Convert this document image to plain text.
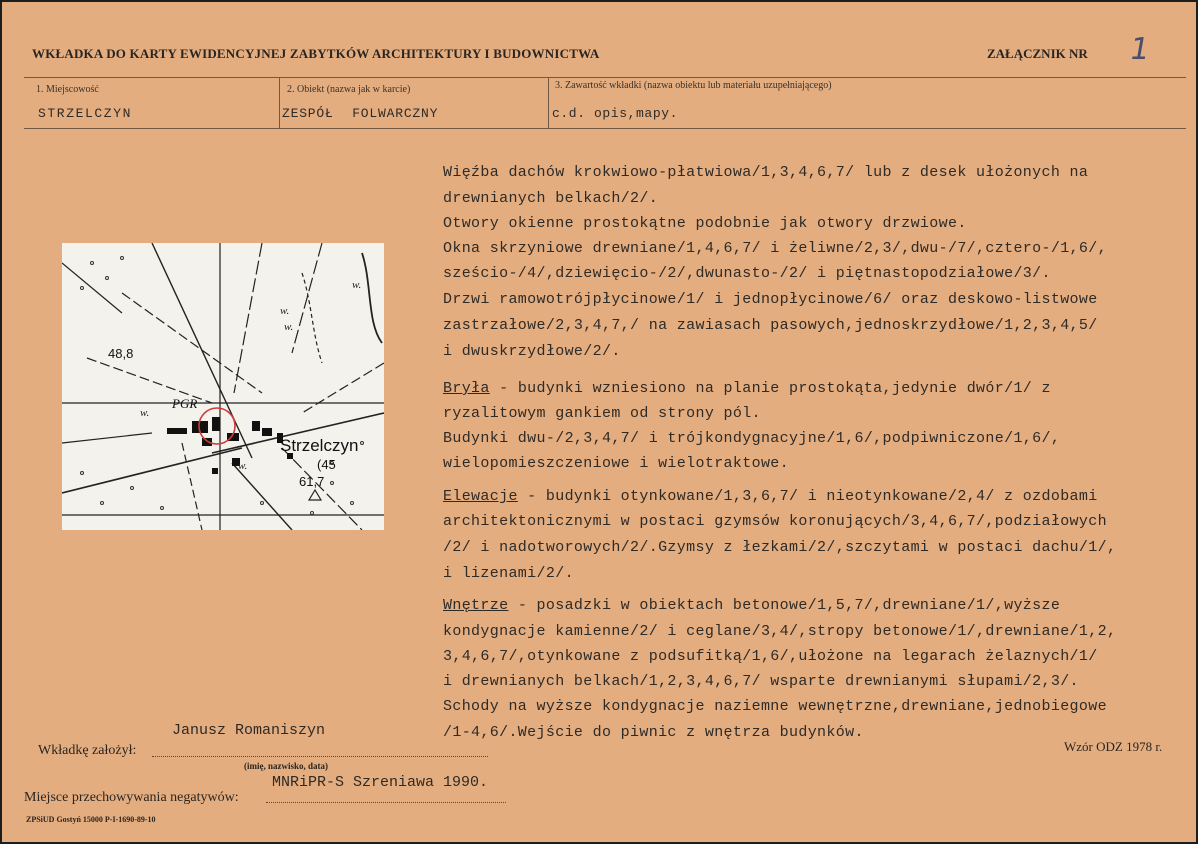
WKŁADKA DO KARTY EWIDENCYJNEJ ZABYTKÓW ARCHITEKTURY I BUDOWNICTWA	ZAŁĄCZNIK NR 1
1. Miejscowość
STRZELCZYN
2. Obiekt (nazwa jak w karcie)
ZESPÓŁ FOLWARCZNY
3. Zawartość wkładki (nazwa obiektu lub materiału uzupełniającego)
c.d. opis,mapy.
Więźba dachów krokwiowo-płatwiowa/1,3,4,6,7/ lub z desek ułożonych na
drewnianych belkach/2/.
Otwory okienne prostokątne podobnie jak otwory drzwiowe.
Okna skrzyniowe drewniane/1,4,6,7/ i żeliwne/2,3/,dwu-/7/,cztero-/1,6/,
sześcio-/4/,dziewięcio-/2/,dwunasto-/2/ i piętnastopodziałowe/3/.
Drzwi ramowotrójpłycinowe/1/ i jednopłycinowe/6/ oraz deskowo-listwowe
zastrzałowe/2,3,4,7,/ na zawiasach pasowych,jednoskrzydłowe/1,2,3,4,5/
i dwuskrzydłowe/2/.
Bryła - budynki wzniesiono na planie prostokąta,jedynie dwór/1/ z
ryzalitowym gankiem od strony pól.
Budynki dwu-/2,3,4,7/ i trójkondygnacyjne/1,6/,podpiwniczone/1,6/,
wielopomieszczeniowe i wielotraktowe.
Elewacje - budynki otynkowane/1,3,6,7/ i nieotynkowane/2,4/ z ozdobami
architektonicznymi w postaci gzymsów koronujących/3,4,6,7/,podziałowych
/2/ i nadotworowych/2/.Gzymsy z łezkami/2/,szczytami w postaci dachu/1/,
i lizenami/2/.
Wnętrze - posadzki w obiektach betonowe/1,5,7/,drewniane/1/,wyższe
kondygnacje kamienne/2/ i ceglane/3,4/,stropy betonowe/1/,drewniane/1,2,
3,4,6,7/,otynkowane z podsufitką/1,6/,ułożone na legarach żelaznych/1/
i drewnianych belkach/1,2,3,4,6,7/ wsparte drewnianymi słupami/2,3/.
Schody na wyższe kondygnacje naziemne wewnętrzne,drewniane,jednobiegowe
/1-4,6/.Wejście do piwnic z wnętrza budynków.
Strzelczyn
PGR
48,8
61,7
(45
w.
w.
w.
w.
w.
Janusz Romaniszyn
Wkładkę założył:
(imię, nazwisko, data)
MNRiPR-S Szreniawa 1990.
Miejsce przechowywania negatywów:
Wzór ODZ 1978 r.
ZPSiUD Gostyń 15000 P-I-1690-89-10
